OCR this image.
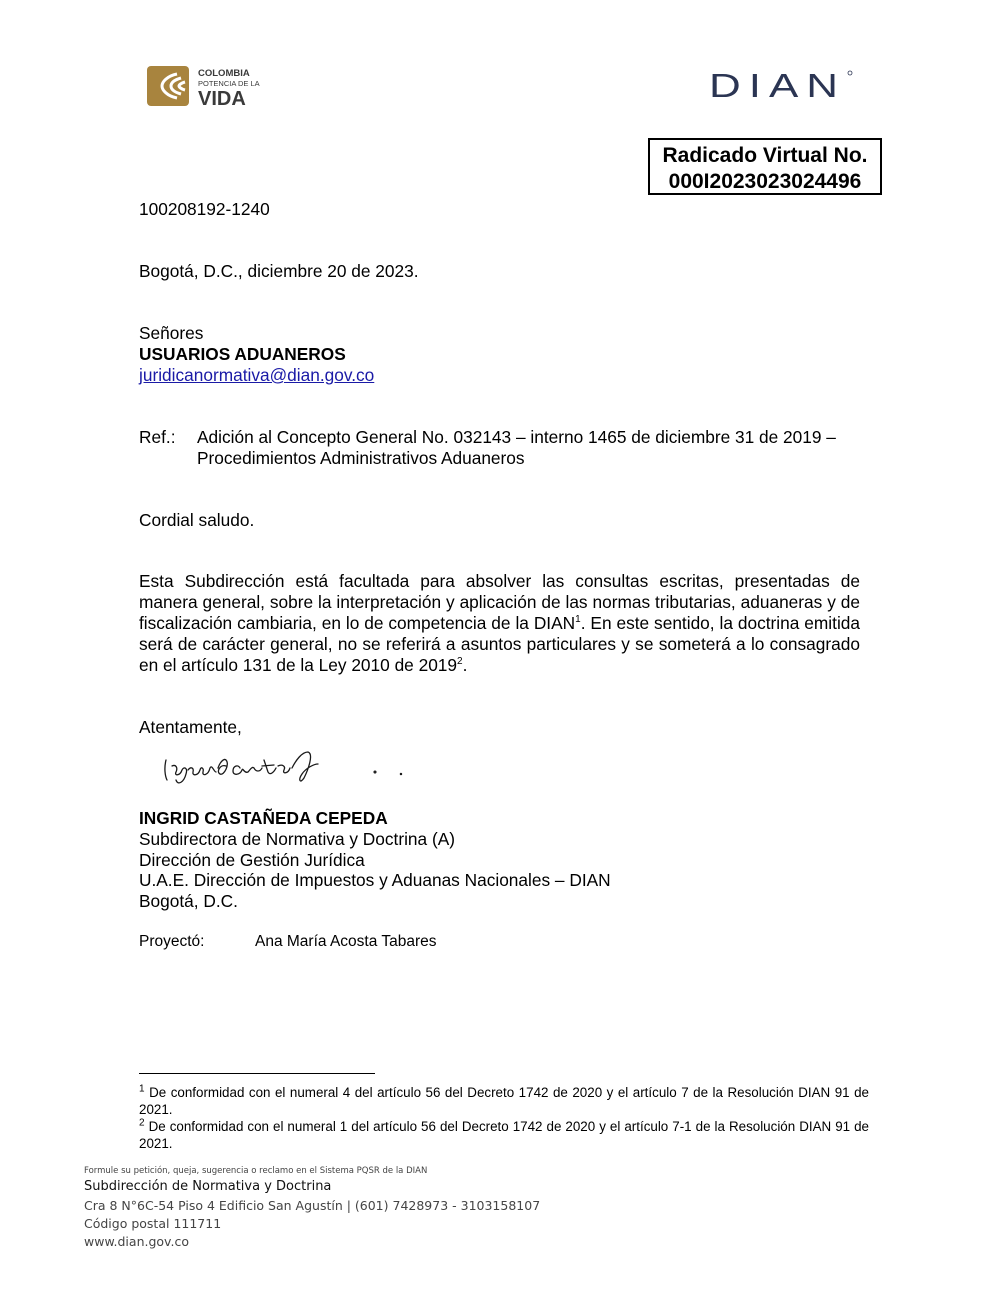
COLOMBIA
POTENCIA DE LA
VIDA	DIAN
Radicado Virtual No.
000I2023023024496
100208192-1240
Bogotá, D.C., diciembre 20 de 2023.
Señores
USUARIOS ADUANEROS
juridicanormativa@dian.gov.co
Ref.: Adición al Concepto General No. 032143 – interno 1465 de diciembre 31 de 2019 –
Procedimientos Administrativos Aduaneros
Cordial saludo.
Esta Subdirección está facultada para absolver las consultas escritas, presentadas de manera general, sobre la interpretación y aplicación de las normas tributarias, aduaneras y de fiscalización cambiaria, en lo de competencia de la DIAN$^1$. En este sentido, la doctrina emitida será de carácter general, no se referirá a asuntos particulares y se someterá a lo consagrado en el artículo 131 de la Ley 2010 de 2019$^2$.
Atentamente,
INGRID CASTAÑEDA CEPEDA
Subdirectora de Normativa y Doctrina (A)
Dirección de Gestión Jurídica
U.A.E. Dirección de Impuestos y Aduanas Nacionales – DIAN
Bogotá, D.C.
Proyectó:	Ana María Acosta Tabares
$^1$ De conformidad con el numeral 4 del artículo 56 del Decreto 1742 de 2020 y el artículo 7 de la Resolución DIAN 91 de 2021.
$^2$ De conformidad con el numeral 1 del artículo 56 del Decreto 1742 de 2020 y el artículo 7-1 de la Resolución DIAN 91 de 2021.
Formule su petición, queja, sugerencia o reclamo en el Sistema PQSR de la DIAN
Subdirección de Normativa y Doctrina
Cra 8 N°6C-54 Piso 4 Edificio San Agustín | (601) 7428973 - 3103158107
Código postal 111711
www.dian.gov.co
